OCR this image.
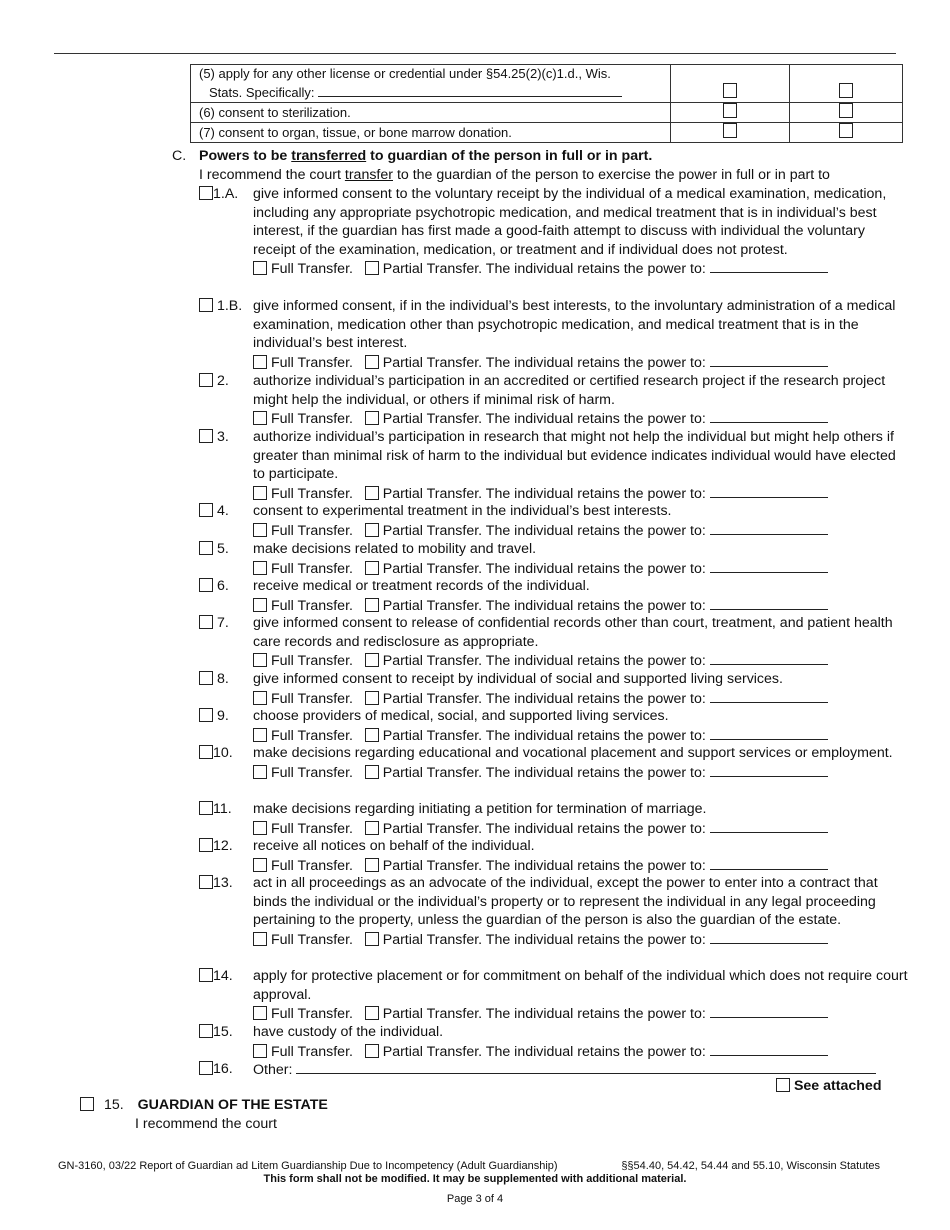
(5) apply for any other license or credential under §54.25(2)(c)1.d., Wis.
Stats. Specifically:		

(6) consent to sterilization.		
(7) consent to organ, tissue, or bone marrow donation.		
C. Powers to be transferred to guardian of the person in full or in part.
I recommend the court transfer to the guardian of the person to exercise the power in full or in part to
1.A. give informed consent to the voluntary receipt by the individual of a medical examination, medication, including any appropriate psychotropic medication, and medical treatment that is in individual’s best interest, if the guardian has first made a good-faith attempt to discuss with individual the voluntary receipt of the examination, medication, or treatment and if individual does not protest.
Full Transfer. Partial Transfer. The individual retains the power to:
1.B. give informed consent, if in the individual’s best interests, to the involuntary administration of a medical examination, medication other than psychotropic medication, and medical treatment that is in the individual’s best interest.
Full Transfer. Partial Transfer. The individual retains the power to:
2. authorize individual’s participation in an accredited or certified research project if the research project might help the individual, or others if minimal risk of harm.
Full Transfer. Partial Transfer. The individual retains the power to:
3. authorize individual’s participation in research that might not help the individual but might help others if greater than minimal risk of harm to the individual but evidence indicates individual would have elected to participate.
Full Transfer. Partial Transfer. The individual retains the power to:
4. consent to experimental treatment in the individual’s best interests.
Full Transfer. Partial Transfer. The individual retains the power to:
5. make decisions related to mobility and travel.
Full Transfer. Partial Transfer. The individual retains the power to:
6. receive medical or treatment records of the individual.
Full Transfer. Partial Transfer. The individual retains the power to:
7. give informed consent to release of confidential records other than court, treatment, and patient health care records and redisclosure as appropriate.
Full Transfer. Partial Transfer. The individual retains the power to:
8. give informed consent to receipt by individual of social and supported living services.
Full Transfer. Partial Transfer. The individual retains the power to:
9. choose providers of medical, social, and supported living services.
Full Transfer. Partial Transfer. The individual retains the power to:
10. make decisions regarding educational and vocational placement and support services or employment.
Full Transfer. Partial Transfer. The individual retains the power to:
11. make decisions regarding initiating a petition for termination of marriage.
Full Transfer. Partial Transfer. The individual retains the power to:
12. receive all notices on behalf of the individual.
Full Transfer. Partial Transfer. The individual retains the power to:
13. act in all proceedings as an advocate of the individual, except the power to enter into a contract that binds the individual or the individual’s property or to represent the individual in any legal proceeding pertaining to the property, unless the guardian of the person is also the guardian of the estate.
Full Transfer. Partial Transfer. The individual retains the power to:
14. apply for protective placement or for commitment on behalf of the individual which does not require court approval.
Full Transfer. Partial Transfer. The individual retains the power to:
15. have custody of the individual.
Full Transfer. Partial Transfer. The individual retains the power to:
16. Other:
See attached
15. GUARDIAN OF THE ESTATE
I recommend the court
GN-3160, 03/22 Report of Guardian ad Litem Guardianship Due to Incompetency (Adult Guardianship)	§§54.40, 54.42, 54.44 and 55.10, Wisconsin Statutes
This form shall not be modified. It may be supplemented with additional material.
Page 3 of 4
